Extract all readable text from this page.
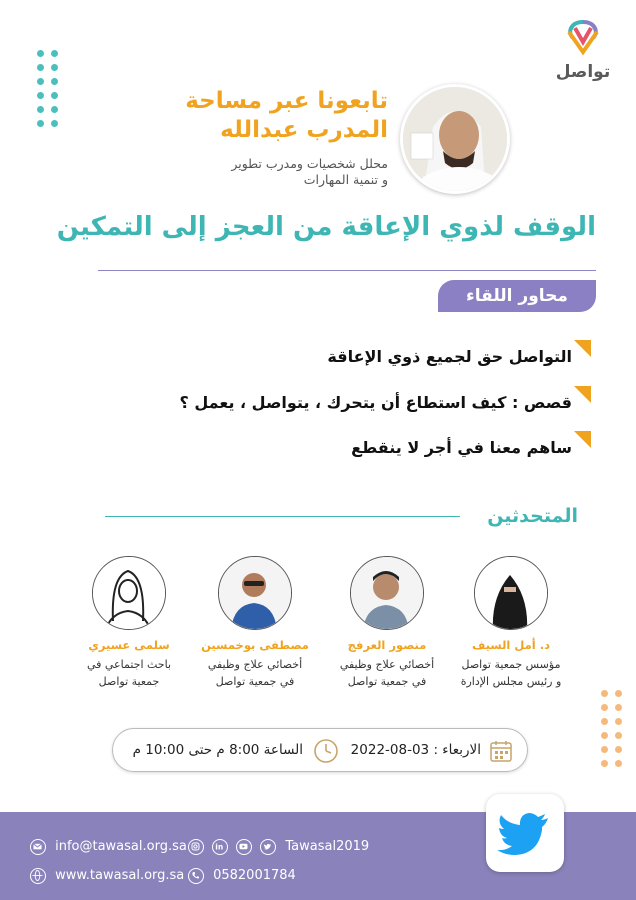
تواصل
تابعونا عبر مساحة
المدرب عبدالله
محلل شخصيات ومدرب تطوير
و تنمية المهارات
الوقف لذوي الإعاقة من العجز إلى التمكين
محاور اللقاء
التواصل حق لجميع ذوي الإعاقة
قصص : كيف استطاع أن يتحرك ، يتواصل ، يعمل ؟
ساهم معنا في أجر لا ينقطع
المتحدثين
د. أمل السيف
مؤسس جمعية تواصل
و رئيس مجلس الإدارة
منصور العرفج
أخصائي علاج وظيفي
في جمعية تواصل
مصطفى بوخمسين
أخصائي علاج وظيفي
في جمعية تواصل
سلمى عسيري
باحث اجتماعي في
جمعية تواصل
الاربعاء : 03-08-2022
الساعة 8:00 م حتى 10:00 م
info@tawasal.org.sa
	in

	Tawasal2019
www.tawasal.org.sa	0582001784
